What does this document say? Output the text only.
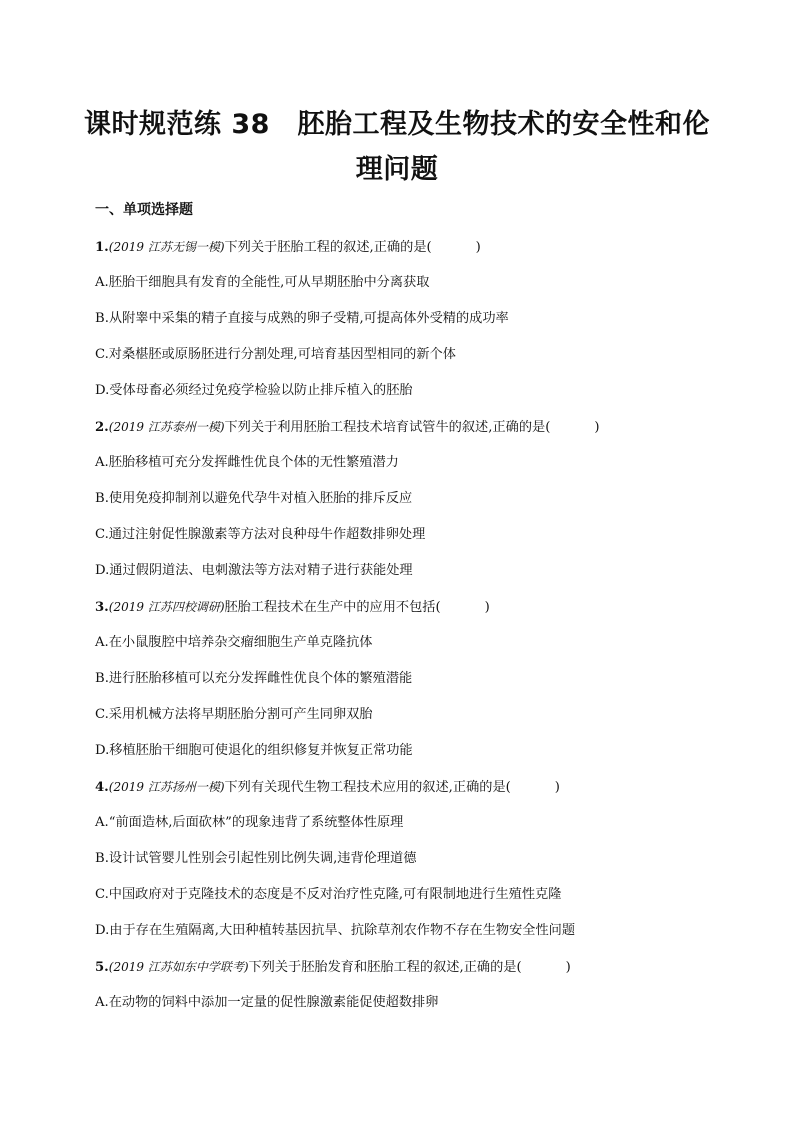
课时规范练 38　胚胎工程及生物技术的安全性和伦
理问题
一、单项选择题
1.(2019 江苏无锡一模)下列关于胚胎工程的叙述,正确的是(	)
A.胚胎干细胞具有发育的全能性,可从早期胚胎中分离获取
B.从附睾中采集的精子直接与成熟的卵子受精,可提高体外受精的成功率
C.对桑椹胚或原肠胚进行分割处理,可培育基因型相同的新个体
D.受体母畜必须经过免疫学检验以防止排斥植入的胚胎
2.(2019 江苏泰州一模)下列关于利用胚胎工程技术培育试管牛的叙述,正确的是(	)
A.胚胎移植可充分发挥雌性优良个体的无性繁殖潜力
B.使用免疫抑制剂以避免代孕牛对植入胚胎的排斥反应
C.通过注射促性腺激素等方法对良种母牛作超数排卵处理
D.通过假阴道法、电刺激法等方法对精子进行获能处理
3.(2019 江苏四校调研)胚胎工程技术在生产中的应用不包括(	)
A.在小鼠腹腔中培养杂交瘤细胞生产单克隆抗体
B.进行胚胎移植可以充分发挥雌性优良个体的繁殖潜能
C.采用机械方法将早期胚胎分割可产生同卵双胎
D.移植胚胎干细胞可使退化的组织修复并恢复正常功能
4.(2019 江苏扬州一模)下列有关现代生物工程技术应用的叙述,正确的是(	)
A.“前面造林,后面砍林”的现象违背了系统整体性原理
B.设计试管婴儿性别会引起性别比例失调,违背伦理道德
C.中国政府对于克隆技术的态度是不反对治疗性克隆,可有限制地进行生殖性克隆
D.由于存在生殖隔离,大田种植转基因抗旱、抗除草剂农作物不存在生物安全性问题
5.(2019 江苏如东中学联考)下列关于胚胎发育和胚胎工程的叙述,正确的是(	)
A.在动物的饲料中添加一定量的促性腺激素能促使超数排卵
